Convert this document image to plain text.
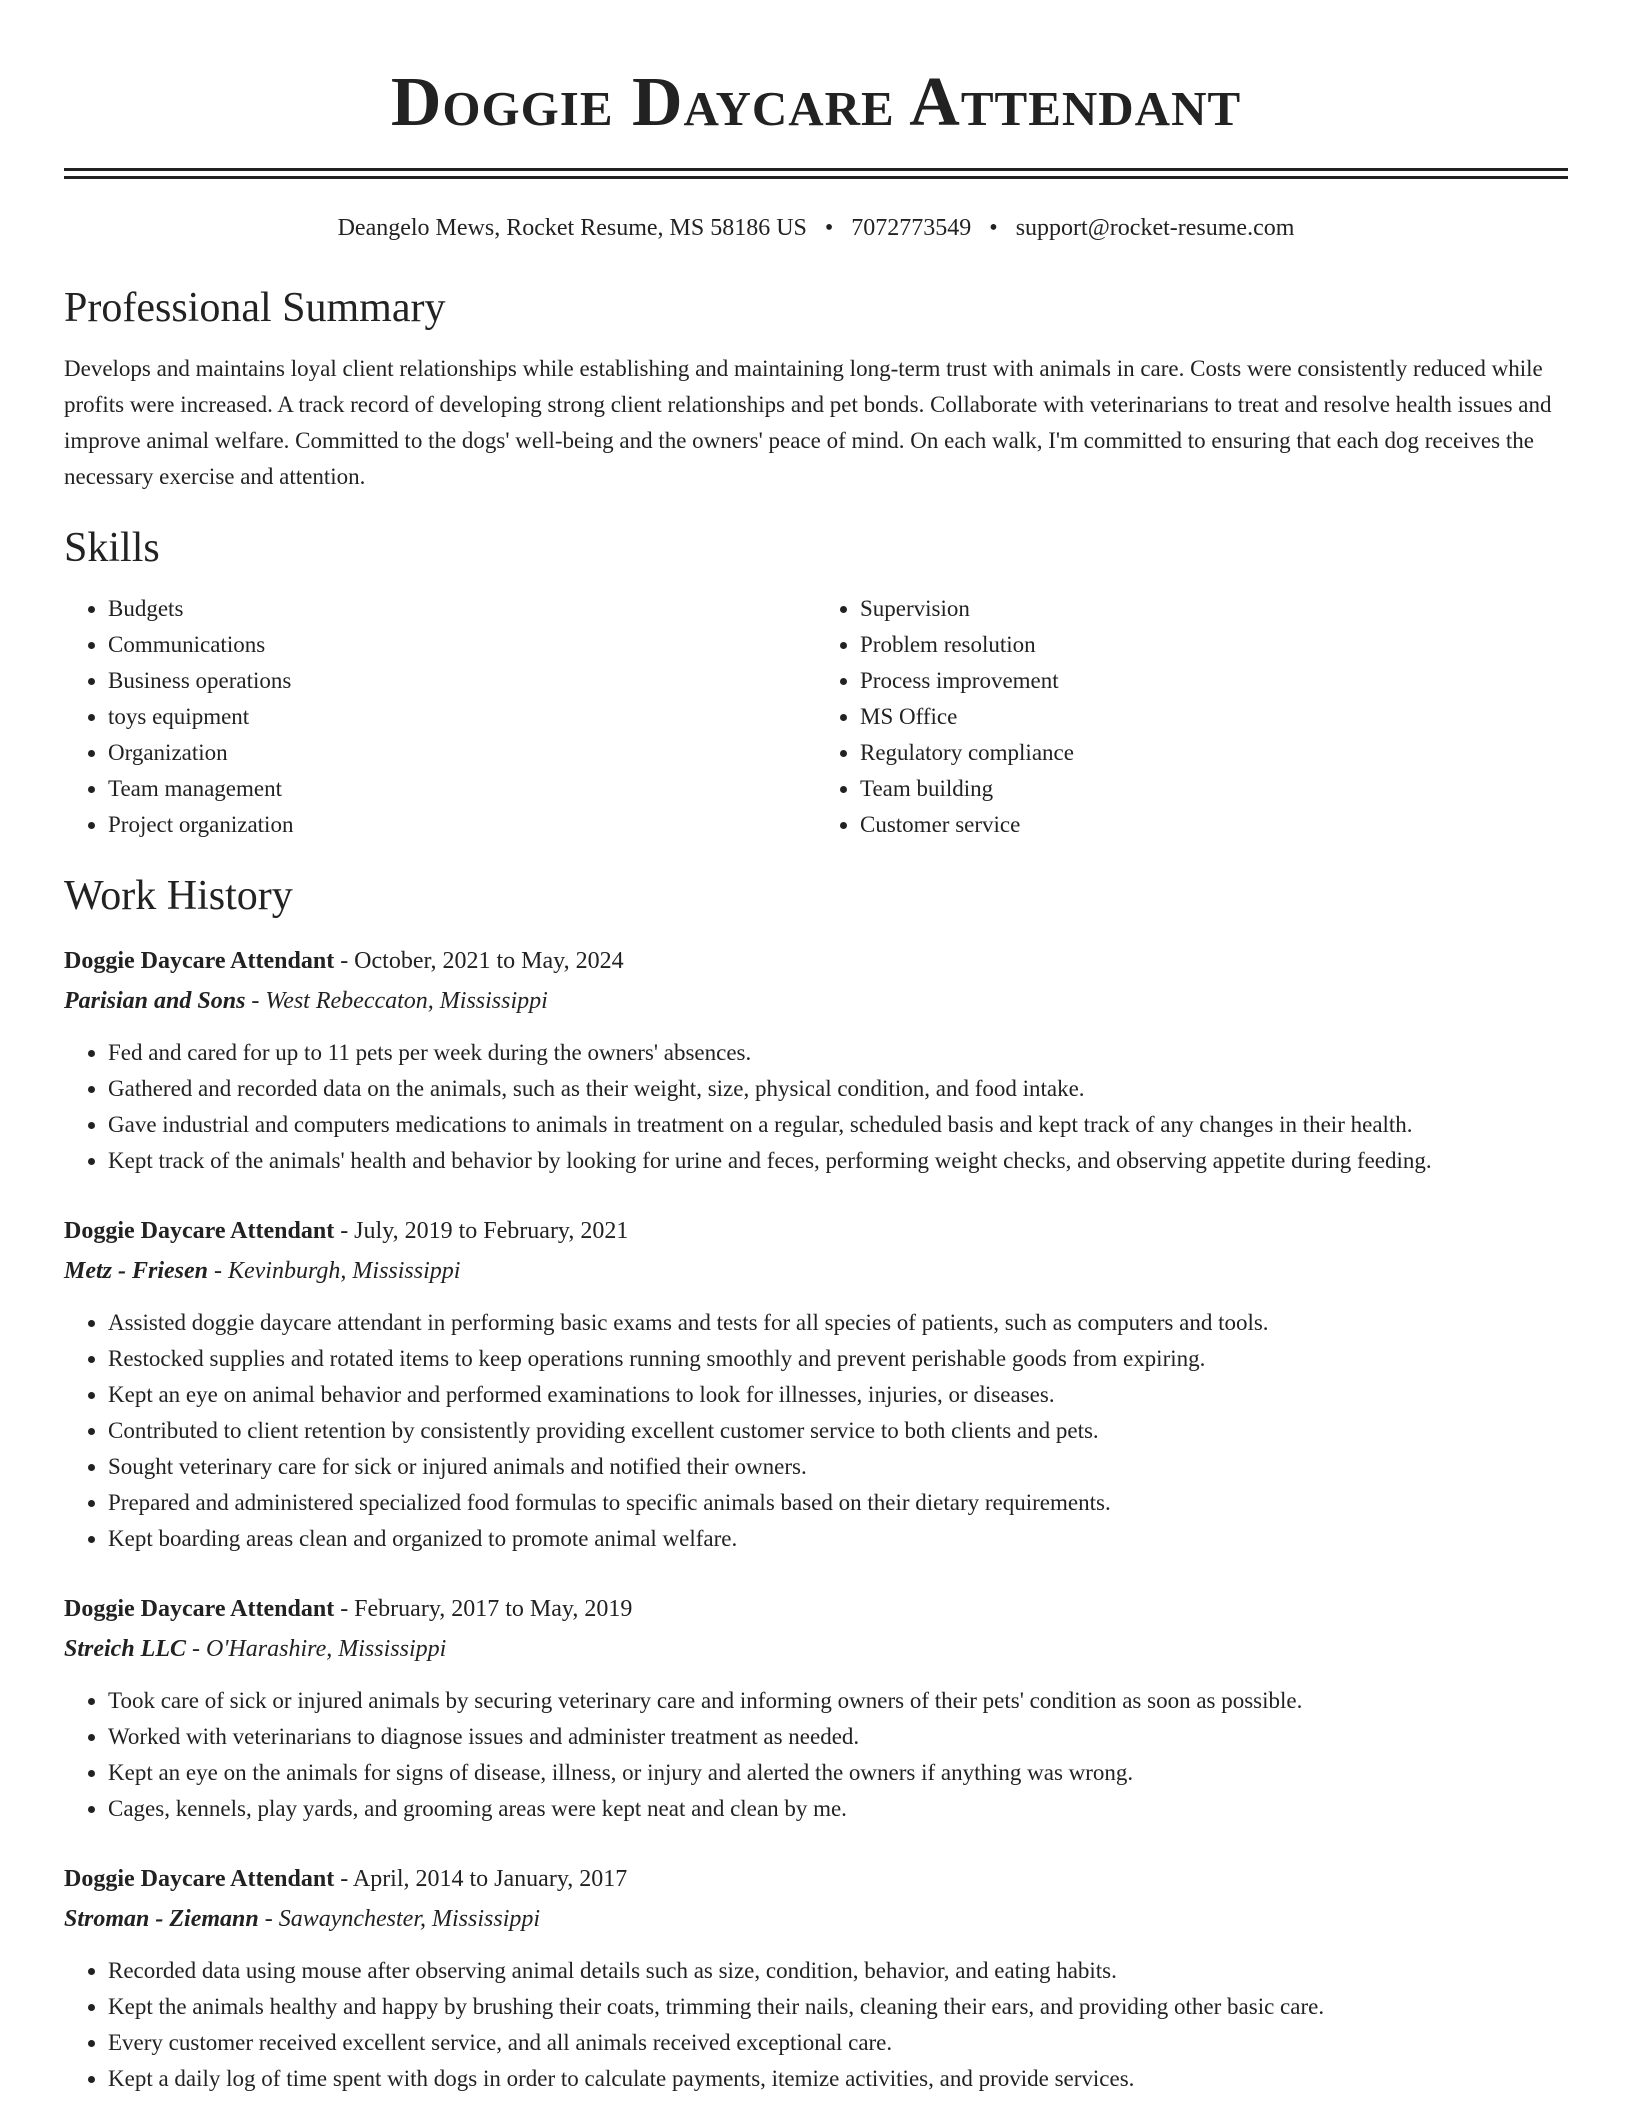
Doggie Daycare Attendant
Deangelo Mews, Rocket Resume, MS 58186 US • 7072773549 • support@rocket-resume.com
Professional Summary

Develops and maintains loyal client relationships while establishing and maintaining long-term trust with animals in care. Costs were consistently reduced while profits were increased. A track record of developing strong client relationships and pet bonds. Collaborate with veterinarians to treat and resolve health issues and improve animal welfare. Committed to the dogs' well-being and the owners' peace of mind. On each walk, I'm committed to ensuring that each dog receives the necessary exercise and attention.

Skills
• Budgets
• Communications
• Business operations
• toys equipment
• Organization
• Team management
• Project organization
• Supervision
• Problem resolution
• Process improvement
• MS Office
• Regulatory compliance
• Team building
• Customer service
Work History
Doggie Daycare Attendant - October, 2021 to May, 2024
Parisian and Sons - West Rebeccaton, Mississippi
• Fed and cared for up to 11 pets per week during the owners' absences.
• Gathered and recorded data on the animals, such as their weight, size, physical condition, and food intake.
• Gave industrial and computers medications to animals in treatment on a regular, scheduled basis and kept track of any changes in their health.
• Kept track of the animals' health and behavior by looking for urine and feces, performing weight checks, and observing appetite during feeding.
Doggie Daycare Attendant - July, 2019 to February, 2021
Metz - Friesen - Kevinburgh, Mississippi
• Assisted doggie daycare attendant in performing basic exams and tests for all species of patients, such as computers and tools.
• Restocked supplies and rotated items to keep operations running smoothly and prevent perishable goods from expiring.
• Kept an eye on animal behavior and performed examinations to look for illnesses, injuries, or diseases.
• Contributed to client retention by consistently providing excellent customer service to both clients and pets.
• Sought veterinary care for sick or injured animals and notified their owners.
• Prepared and administered specialized food formulas to specific animals based on their dietary requirements.
• Kept boarding areas clean and organized to promote animal welfare.
Doggie Daycare Attendant - February, 2017 to May, 2019
Streich LLC - O'Harashire, Mississippi
• Took care of sick or injured animals by securing veterinary care and informing owners of their pets' condition as soon as possible.
• Worked with veterinarians to diagnose issues and administer treatment as needed.
• Kept an eye on the animals for signs of disease, illness, or injury and alerted the owners if anything was wrong.
• Cages, kennels, play yards, and grooming areas were kept neat and clean by me.
Doggie Daycare Attendant - April, 2014 to January, 2017
Stroman - Ziemann - Sawaynchester, Mississippi
• Recorded data using mouse after observing animal details such as size, condition, behavior, and eating habits.
• Kept the animals healthy and happy by brushing their coats, trimming their nails, cleaning their ears, and providing other basic care.
• Every customer received excellent service, and all animals received exceptional care.
• Kept a daily log of time spent with dogs in order to calculate payments, itemize activities, and provide services.
